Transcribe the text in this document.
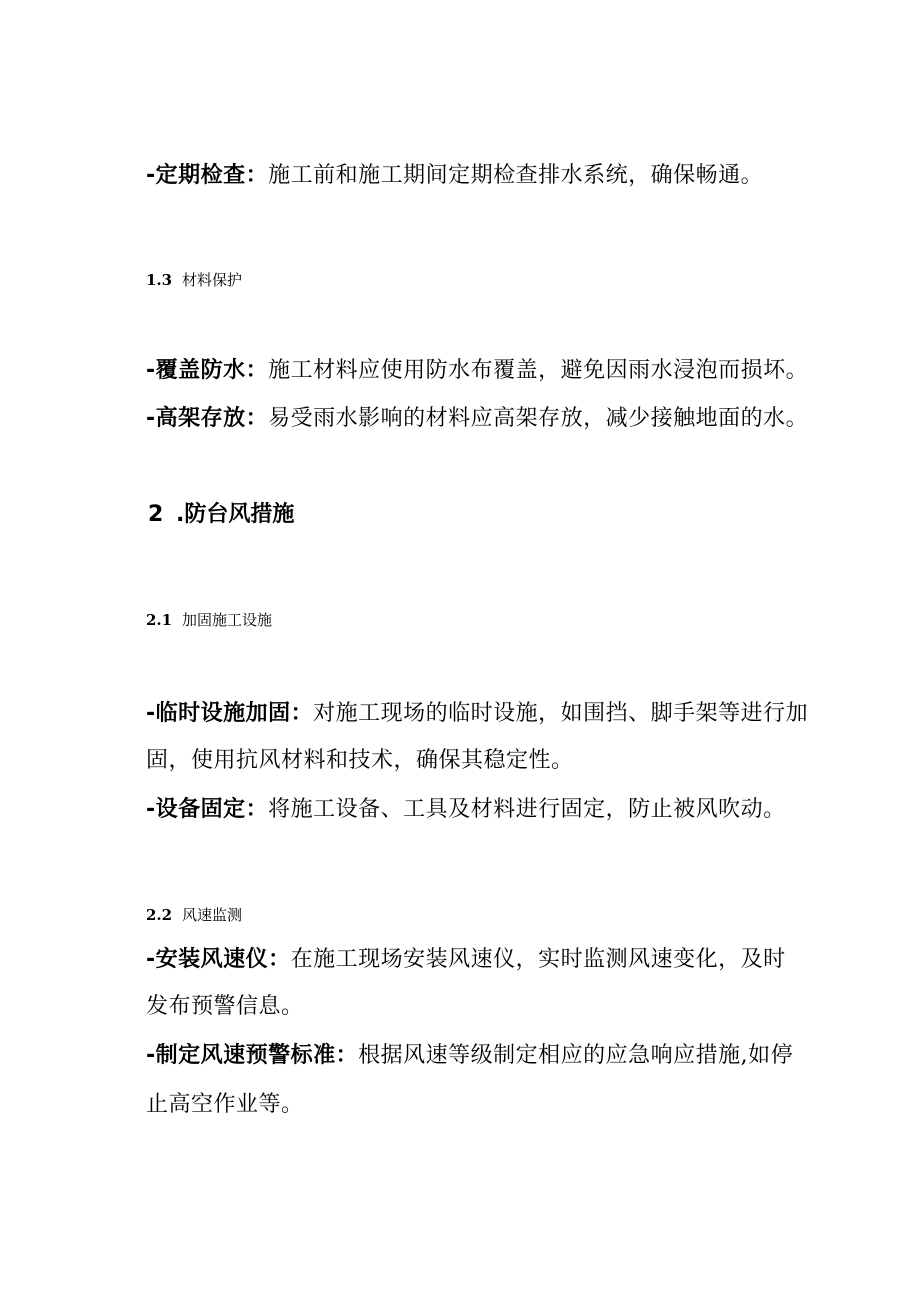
-定期检查：施工前和施工期间定期检查排水系统，确保畅通。
1.3 材料保护
-覆盖防水：施工材料应使用防水布覆盖，避免因雨水浸泡而损坏。
-高架存放：易受雨水影响的材料应高架存放，减少接触地面的水。
2 .防台风措施
2.1 加固施工设施
-临时设施加固：对施工现场的临时设施，如围挡、脚手架等进行加
固，使用抗风材料和技术，确保其稳定性。
-设备固定：将施工设备、工具及材料进行固定，防止被风吹动。
2.2 风速监测
-安装风速仪：在施工现场安装风速仪，实时监测风速变化，及时
发布预警信息。
-制定风速预警标准：根据风速等级制定相应的应急响应措施,如停
止高空作业等。
